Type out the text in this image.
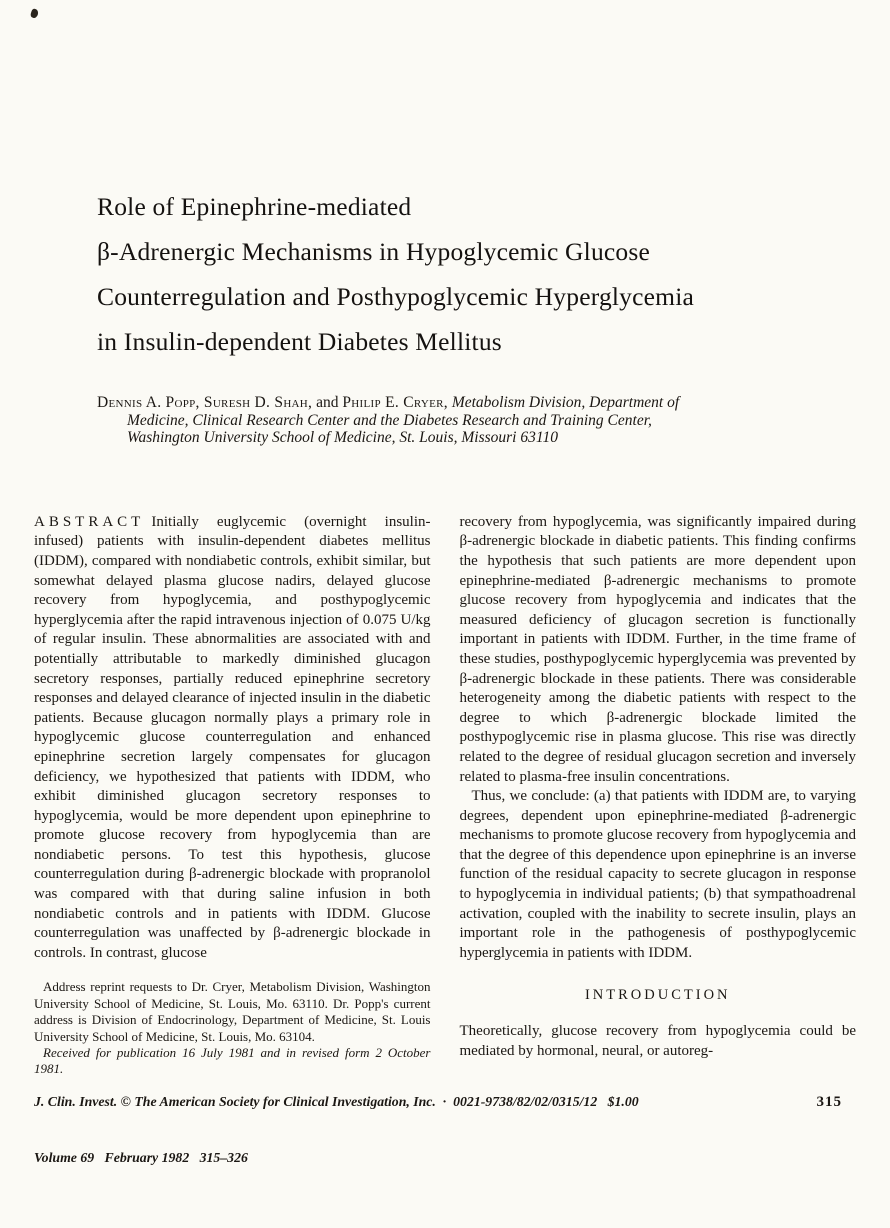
Role of Epinephrine-mediated
β-Adrenergic Mechanisms in Hypoglycemic Glucose
Counterregulation and Posthypoglycemic Hyperglycemia
in Insulin-dependent Diabetes Mellitus

Dennis A. Popp, Suresh D. Shah, and Philip E. Cryer, Metabolism Division, Department of Medicine, Clinical Research Center and the Diabetes Research and Training Center, Washington University School of Medicine, St. Louis, Missouri 63110

ABSTRACT Initially euglycemic (overnight insulin-infused) patients with insulin-dependent diabetes mellitus (IDDM), compared with nondiabetic controls, exhibit similar, but somewhat delayed plasma glucose nadirs, delayed glucose recovery from hypoglycemia, and posthypoglycemic hyperglycemia after the rapid intravenous injection of 0.075 U/kg of regular insulin. These abnormalities are associated with and potentially attributable to markedly diminished glucagon secretory responses, partially reduced epinephrine secretory responses and delayed clearance of injected insulin in the diabetic patients. Because glucagon normally plays a primary role in hypoglycemic glucose counterregulation and enhanced epinephrine secretion largely compensates for glucagon deficiency, we hypothesized that patients with IDDM, who exhibit diminished glucagon secretory responses to hypoglycemia, would be more dependent upon epinephrine to promote glucose recovery from hypoglycemia than are nondiabetic persons. To test this hypothesis, glucose counterregulation during β-adrenergic blockade with propranolol was compared with that during saline infusion in both nondiabetic controls and in patients with IDDM. Glucose counterregulation was unaffected by β-adrenergic blockade in controls. In contrast, glucose

Address reprint requests to Dr. Cryer, Metabolism Division, Washington University School of Medicine, St. Louis, Mo. 63110. Dr. Popp's current address is Division of Endocrinology, Department of Medicine, St. Louis University School of Medicine, St. Louis, Mo. 63104.

Received for publication 16 July 1981 and in revised form 2 October 1981.

recovery from hypoglycemia, was significantly impaired during β-adrenergic blockade in diabetic patients. This finding confirms the hypothesis that such patients are more dependent upon epinephrine-mediated β-adrenergic mechanisms to promote glucose recovery from hypoglycemia and indicates that the measured deficiency of glucagon secretion is functionally important in patients with IDDM. Further, in the time frame of these studies, posthypoglycemic hyperglycemia was prevented by β-adrenergic blockade in these patients. There was considerable heterogeneity among the diabetic patients with respect to the degree to which β-adrenergic blockade limited the posthypoglycemic rise in plasma glucose. This rise was directly related to the degree of residual glucagon secretion and inversely related to plasma-free insulin concentrations.

Thus, we conclude: (a) that patients with IDDM are, to varying degrees, dependent upon epinephrine-mediated β-adrenergic mechanisms to promote glucose recovery from hypoglycemia and that the degree of this dependence upon epinephrine is an inverse function of the residual capacity to secrete glucagon in response to hypoglycemia in individual patients; (b) that sympathoadrenal activation, coupled with the inability to secrete insulin, plays an important role in the pathogenesis of posthypoglycemic hyperglycemia in patients with IDDM.

INTRODUCTION

Theoretically, glucose recovery from hypoglycemia could be mediated by hormonal, neural, or autoreg-

J. Clin. Invest. © The American Society for Clinical Investigation, Inc.  ·  0021-9738/82/02/0315/12   $1.00	315

Volume 69   February 1982   315–326
